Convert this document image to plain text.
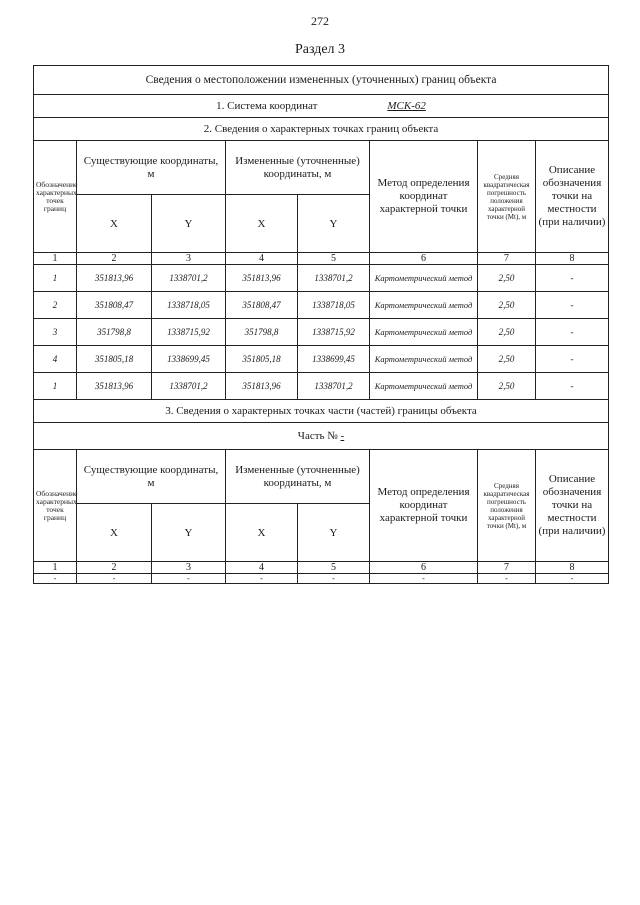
272
Раздел 3
Сведения о местоположении измененных (уточненных) границ объекта							
1. Система координат МСК-62							
2. Сведения о характерных точках границ объекта							
Обозначение характерных точек границ	Существующие координаты, м		Измененные (уточненные) координаты, м		Метод определения координат характерной точки	Средняя квадратическая погрешность положения характерной точки (Mt), м	Описание обозначения точки на местности (при наличии)
	X	Y	X	Y			
1	2	3	4	5	6	7	8
1	351813,96	1338701,2	351813,96	1338701,2	Картометрический метод	2,50	-
2	351808,47	1338718,05	351808,47	1338718,05	Картометрический метод	2,50	-
3	351798,8	1338715,92	351798,8	1338715,92	Картометрический метод	2,50	-
4	351805,18	1338699,45	351805,18	1338699,45	Картометрический метод	2,50	-
1	351813,96	1338701,2	351813,96	1338701,2	Картометрический метод	2,50	-
3. Сведения о характерных точках части (частей) границы объекта							
Часть № -							
Обозначение характерных точек границ	Существующие координаты, м		Измененные (уточненные) координаты, м		Метод определения координат характерной точки	Средняя квадратическая погрешность положения характерной точки (Mt), м	Описание обозначения точки на местности (при наличии)
	X	Y	X	Y			
1	2	3	4	5	6	7	8
-	-	-	-	-	-	-	-
